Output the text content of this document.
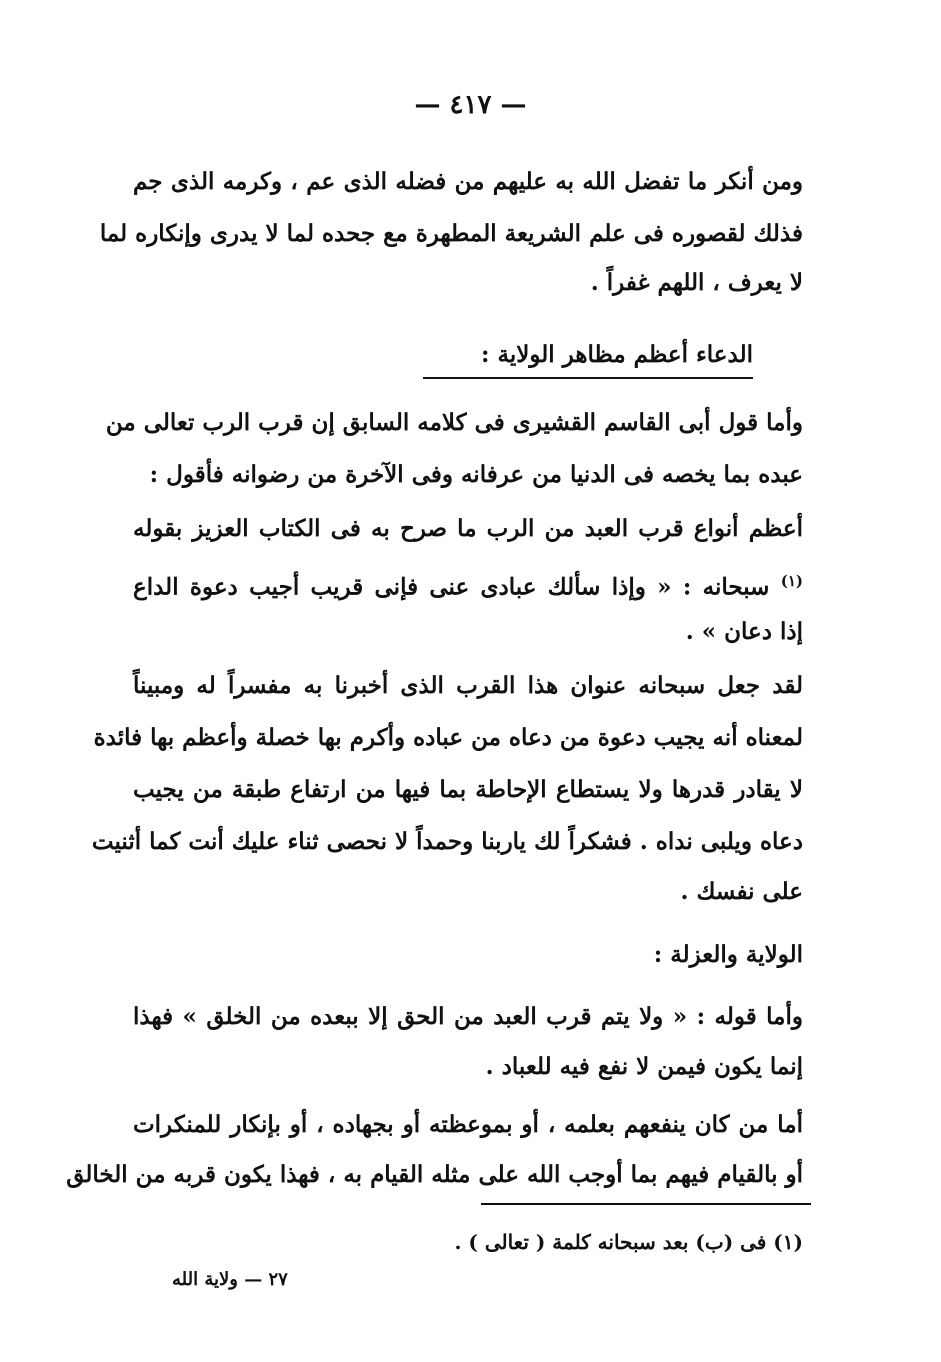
— ٤١٧ —
ومن أنكر ما تفضل الله به عليهم من فضله الذى عم ، وكرمه الذى جم
فذلك لقصوره فى علم الشريعة المطهرة مع جحده لما لا يدرى وإنكاره لما
لا يعرف ، اللهم غفراً .
الدعاء أعظم مظاهر الولاية :
وأما قول أبى القاسم القشيرى فى كلامه السابق إن قرب الرب تعالى من
عبده بما يخصه فى الدنيا من عرفانه وفى الآخرة من رضوانه فأقول :
أعظم أنواع قرب العبد من الرب ما صرح به فى الكتاب العزيز بقوله
$^{(١)}$ سبحانه : « وإذا سألك عبادى عنى فإنى قريب أجيب دعوة الداع
إذا دعان » .
لقد جعل سبحانه عنوان هذا القرب الذى أخبرنا به مفسراً له ومبيناً
لمعناه أنه يجيب دعوة من دعاه من عباده وأكرم بها خصلة وأعظم بها فائدة
لا يقادر قدرها ولا يستطاع الإحاطة بما فيها من ارتفاع طبقة من يجيب
دعاه ويلبى نداه . فشكراً لك ياربنا وحمداً لا نحصى ثناء عليك أنت كما أثنيت
على نفسك .
الولاية والعزلة :
وأما قوله : « ولا يتم قرب العبد من الحق إلا ببعده من الخلق » فهذا
إنما يكون فيمن لا نفع فيه للعباد .
أما من كان ينفعهم بعلمه ، أو بموعظته أو بجهاده ، أو بإنكار للمنكرات
أو بالقيام فيهم بما أوجب الله على مثله القيام به ، فهذا يكون قربه من الخالق
(١) فى (ب) بعد سبحانه كلمة ( تعالى ) .
٢٧ — ولاية الله
